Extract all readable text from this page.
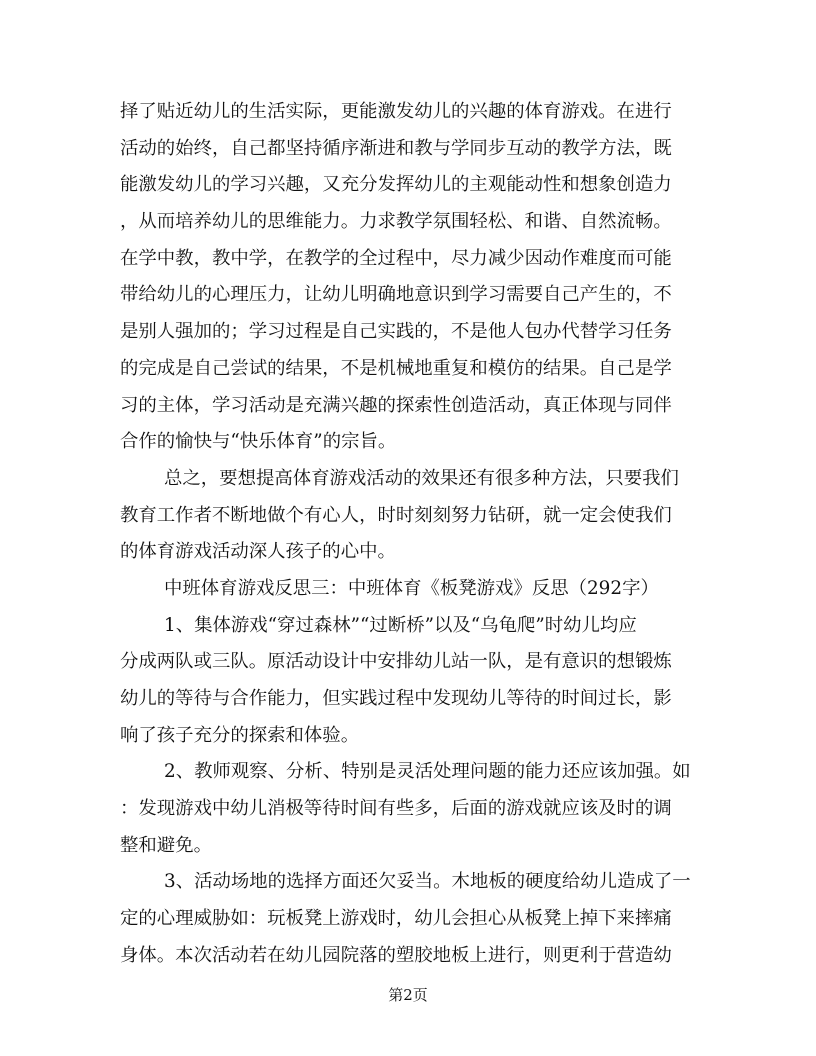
择了贴近幼儿的生活实际，更能激发幼儿的兴趣的体育游戏。在进行
活动的始终，自己都坚持循序渐进和教与学同步互动的教学方法，既
能激发幼儿的学习兴趣，又充分发挥幼儿的主观能动性和想象创造力
，从而培养幼儿的思维能力。力求教学氛围轻松、和谐、自然流畅。
在学中教，教中学，在教学的全过程中，尽力减少因动作难度而可能
带给幼儿的心理压力，让幼儿明确地意识到学习需要自己产生的，不
是别人强加的；学习过程是自己实践的，不是他人包办代替学习任务
的完成是自己尝试的结果，不是机械地重复和模仿的结果。自己是学
习的主体，学习活动是充满兴趣的探索性创造活动，真正体现与同伴
合作的愉快与“快乐体育”的宗旨。
总之，要想提高体育游戏活动的效果还有很多种方法，只要我们
教育工作者不断地做个有心人，时时刻刻努力钻研，就一定会使我们
的体育游戏活动深人孩子的心中。
中班体育游戏反思三：中班体育《板凳游戏》反思（292字）
1、集体游戏“穿过森林”“过断桥”以及“乌龟爬”时幼儿均应
分成两队或三队。原活动设计中安排幼儿站一队，是有意识的想锻炼
幼儿的等待与合作能力，但实践过程中发现幼儿等待的时间过长，影
响了孩子充分的探索和体验。
2、教师观察、分析、特别是灵活处理问题的能力还应该加强。如
：发现游戏中幼儿消极等待时间有些多，后面的游戏就应该及时的调
整和避免。
3、活动场地的选择方面还欠妥当。木地板的硬度给幼儿造成了一
定的心理威胁如：玩板凳上游戏时，幼儿会担心从板凳上掉下来摔痛
身体。本次活动若在幼儿园院落的塑胶地板上进行，则更利于营造幼
第2页
